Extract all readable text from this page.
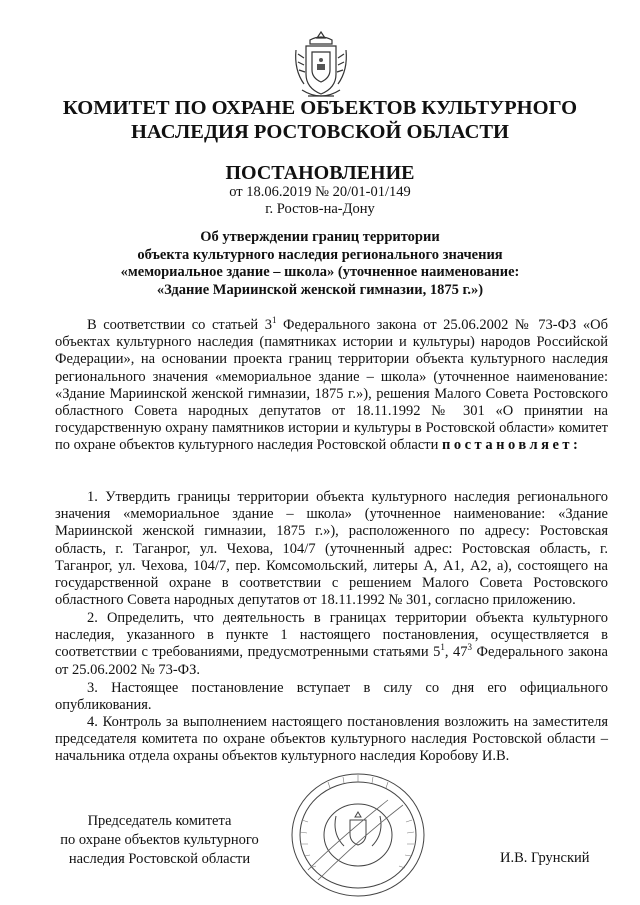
КОМИТЕТ ПО ОХРАНЕ ОБЪЕКТОВ КУЛЬТУРНОГО
НАСЛЕДИЯ РОСТОВСКОЙ ОБЛАСТИ
ПОСТАНОВЛЕНИЕ
от 18.06.2019 № 20/01-01/149
г. Ростов-на-Дону
Об утверждении границ территории
объекта культурного наследия регионального значения
«мемориальное здание – школа» (уточненное наименование:
«Здание Мариинской женской гимназии, 1875 г.»)

В соответствии со статьей $3^1$ Федерального закона от 25.06.2002 № 73-ФЗ «Об объектах культурного наследия (памятниках истории и культуры) народов Российской Федерации», на основании проекта границ территории объекта культурного наследия регионального значения «мемориальное здание – школа» (уточненное наименование: «Здание Мариинской женской гимназии, 1875 г.»), решения Малого Совета Ростовского областного Совета народных депутатов от 18.11.1992 № 301 «О принятии на государственную охрану памятников истории и культуры в Ростовской области» комитет по охране объектов культурного наследия Ростовской области постановляет:

1. Утвердить границы территории объекта культурного наследия регионального значения «мемориальное здание – школа» (уточненное наименование: «Здание Мариинской женской гимназии, 1875 г.»), расположенного по адресу: Ростовская область, г. Таганрог, ул. Чехова, 104/7 (уточненный адрес: Ростовская область, г. Таганрог, ул. Чехова, 104/7, пер. Комсомольский, литеры А, А1, А2, а), состоящего на государственной охране в соответствии с решением Малого Совета Ростовского областного Совета народных депутатов от 18.11.1992 № 301, согласно приложению.

2. Определить, что деятельность в границах территории объекта культурного наследия, указанного в пункте 1 настоящего постановления, осуществляется в соответствии с требованиями, предусмотренными статьями $5^1$, $47^3$ Федерального закона от 25.06.2002 № 73-ФЗ.

3. Настоящее постановление вступает в силу со дня его официального опубликования.

4. Контроль за выполнением настоящего постановления возложить на заместителя председателя комитета по охране объектов культурного наследия Ростовской области – начальника отдела охраны объектов культурного наследия Коробову И.В.

Председатель комитета
по охране объектов культурного
наследия Ростовской области	И.В. Грунский
